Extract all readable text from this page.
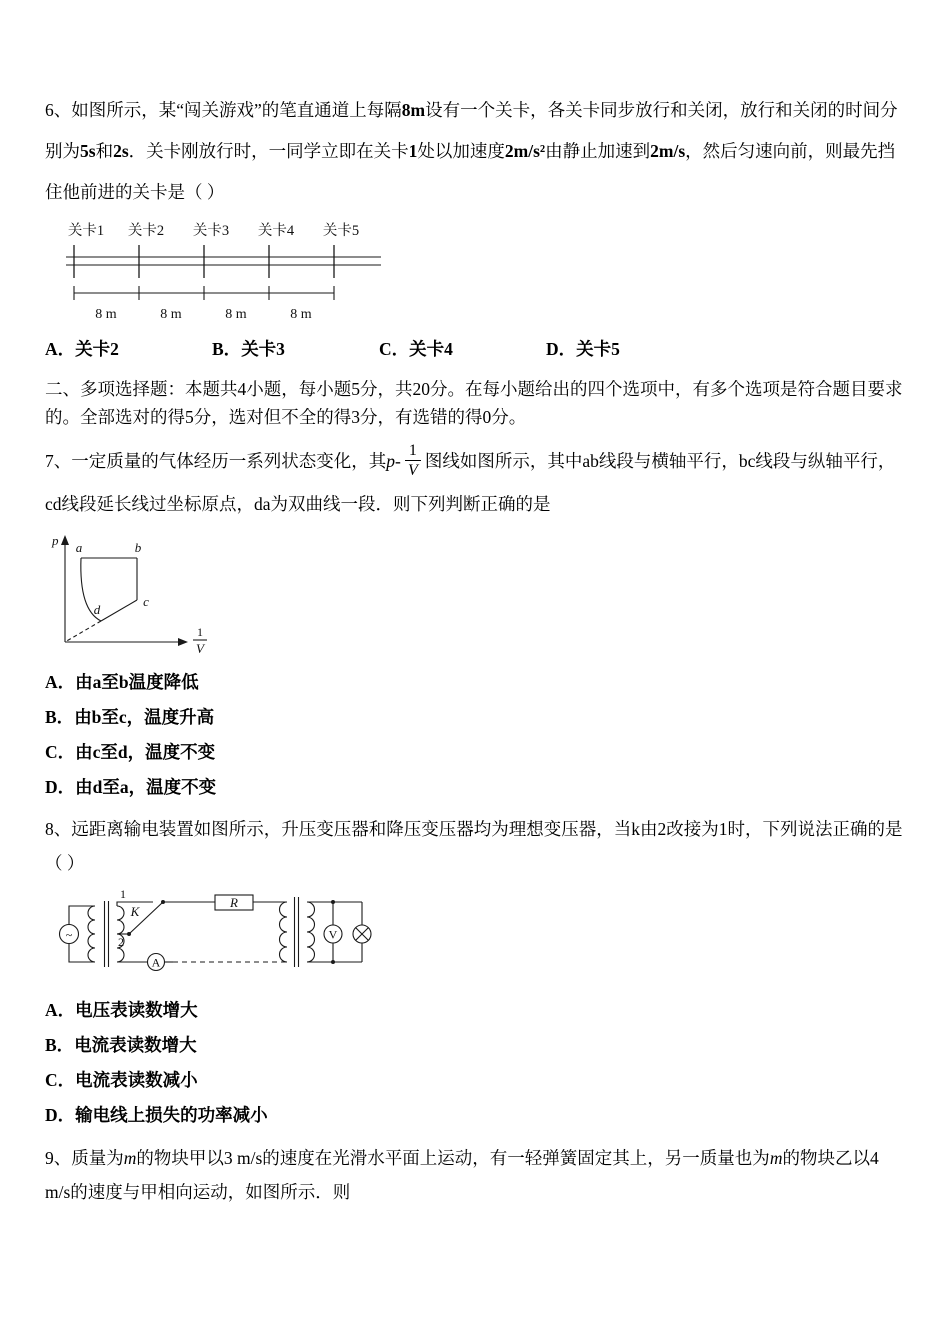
6、如图所示，某“闯关游戏”的笔直通道上每隔8m设有一个关卡，各关卡同步放行和关闭，放行和关闭的时间分别为5s和2s．关卡刚放行时，一同学立即在关卡1处以加速度2m/s²由静止加速到2m/s，然后匀速向前，则最先挡住他前进的关卡是（ ）

关卡1 关卡2 关卡3 关卡4 关卡5
8 m	8 m	8 m	8 m
A． 关卡2	B． 关卡3	C． 关卡4	D． 关卡5

二、多项选择题：本题共4小题，每小题5分，共20分。在每小题给出的四个选项中，有多个选项是符合题目要求的。全部选对的得5分，选对但不全的得3分，有选错的得0分。

7、一定质量的气体经历一系列状态变化，其$p- \frac{1}{V}$ 图线如图所示，其中ab线段与横轴平行，bc线段与纵轴平行，cd线段延长线过坐标原点，da为双曲线一段．则下列判断正确的是

p
1
V
a	b
c
d
A． 由a至b温度降低
B． 由b至c，温度升高
C． 由c至d，温度不变
D． 由d至a，温度不变

8、远距离输电装置如图所示，升压变压器和降压变压器均为理想变压器，当k由2改接为1时，下列说法正确的是（ ）

~
1
2
K
R
A
V
A． 电压表读数增大
B． 电流表读数增大
C． 电流表读数减小
D． 输电线上损失的功率减小

9、质量为m的物块甲以3 m/s的速度在光滑水平面上运动，有一轻弹簧固定其上，另一质量也为m的物块乙以4 m/s的速度与甲相向运动，如图所示．则
